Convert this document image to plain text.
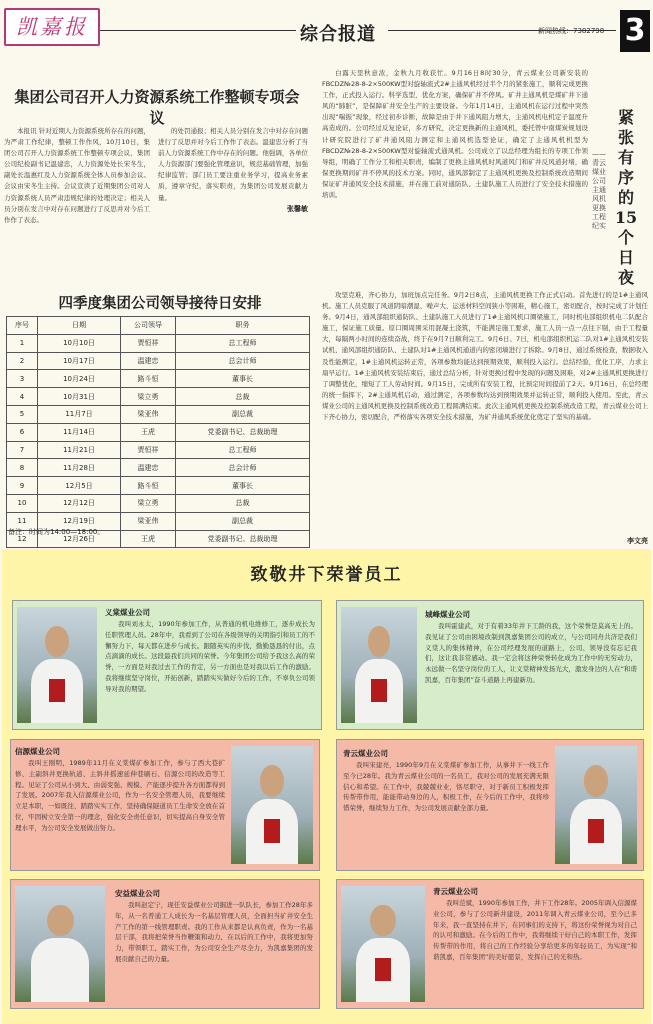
凯嘉报	综合报道	新闻热线：7382798 3
集团公司召开人力资源系统工作整顿专项会议

本报讯 针对近期人力资源系统所存在的问题，为严肃工作纪律，整顿工作作风，10月10日，集团公司召开人力资源系统工作整顿专项会议，集团公司纪检副书记温建忠，人力资源处处长宋冬生，副处长温惠红及人力资源系统全体人员参加会议。会议由宋冬生主持。会议宣读了近期集团公司对人力资源系统人员严肃违规纪律的处理决定；相关人员分别在发言中对存在问题进行了反思并对今后工作作了表态。

的处罚通报；相关人员分别在发言中对存在问题进行了反思并对今后工作作了表态。温建忠分析了当前人力资源系统工作中存在的问题。他强调，各单位人力资源部门要强化管理意识，规范基础管理，加强纪律监管；部门员工要注重业务学习，提高业务素质，遵章守纪，落实职责，为集团公司发展贡献力量。

张馨敏
四季度集团公司领导接待日安排
序号	日期	公司领导	职务
1	10月10日	贾恒祥	总工程师
2	10月17日	温建忠	总会计师
3	10月24日	路斗恒	董事长
4	10月31日	梁立勇	总裁
5	11月7日	梁亚伟	副总裁
6	11月14日	王虎	党委副书记、总裁助理
7	11月21日	贾恒祥	总工程师
8	11月28日	温建忠	总会计师
9	12月5日	路斗恒	董事长
10	12月12日	梁立勇	总裁
11	12月19日	梁亚伟	副总裁
12	12月26日	王虎	党委副书记、总裁助理
备注：时间为14:00—18:00。

白露天里秋意浓，金秋九月收获忙。9月16日8时30分，青云煤业公司新安装的FBCDZ№28-8-2×500KW型对旋轴流式2#主通风机经过半个月的紧张施工，顺利完成更换工作，正式投入运行。科学选型，优化方案，确保矿井不停风。矿井主通风机是煤矿井下通风的“肺脏”，是保障矿井安全生产的主要设备。今年1月14日，主通风机在运行过程中突然出现“喘振”现象，经过初步诊断，故障是由于井下通风阻力增大，主通风机电机定子温度升高造成的。公司经过反复论证，多方研究，决定更换新的主通风机，委托曾中南煤炭规划设计研究院进行了矿井通风阻力测定和主通风机选型论证，确定了主通风机机型为FBCDZ№28-8-2×500KW型对旋轴流式通风机。公司成立了以总经理为组长的专项工作领导组，明确了工作分工和相关职责，编制了更换主通风机时风道风门和矿井反风道封堵，确保更换期间矿井不停风的技术方案。同时，通风部制定了主通风机更换及控制系统改造期间保证矿井通风安全技术措施，并在施工前对通防队、土建队施工人员进行了安全技术措施的培训。

攻坚克难，齐心协力，加班加点完任务。9月2日8点，主通风机更换工作正式启动。首先进行的是1#主通风机。施工人员克服了风道阴暗潮湿、噪声大、运送材料空间狭小等困难，精心施工，密切配合，按时完成了计划任务。9月4日，通风部组织通防队、土建队施工人员进行了1#主通风机口圈梁施工，同时机电部组织机电二队配合施工，保证施工质量。原口圈周围采用混凝土浇筑，不能满足施工要求，施工人员一点一点往下剔，由于工程量大，每隔两小时间的连续奋战，终于在9月7日顺利完工。9月6日、7日，机电部组织机运二队对1#主通风机安装试机，通风部组织通防队、土建队对1#主通风机通道内的密闭墙进行了拆除。9月8日，通过系统检查，数据收入及性能测定，1#主通风机运转正常，各项参数均能达到预期效果，顺利投入运行。总结经验，优化工序，力求主扇早运行。1#主通风机安装结束后，通过总结分析，针对更换过程中发现的问题及困难，对2#主通风机更换进行了调整优化，缩短了工人劳动时间。9月15日，完成所有安装工程，比预定时间提前了2天。9月16日，在总经理的统一指挥下，2#主通风机启动，通过测定，各项参数均达到预期效果并运转正常，顺利投入使用。至此，青云煤业公司的主通风机更换及控制系统改造工程圆满结束。此次主通风机更换及控制系统改造工程，青云煤业公司上下齐心协力，密切配合，严格落实各项安全技术措施，为矿井通风系统优化奠定了坚实的基础。

李文亮
紧张有序的15个日夜
——青云煤业公司主通风机更换工程纪实
致敬井下荣誉员工
义棠煤业公司

我叫刘永太，1990年参加工作，从普通的机电维修工，逐步成长为任职管理人员。28年中，我看到了公司在各级领导的关明指引和员工的不懈努力下，每天都在进步与成长。跟随英实的步伐，勤勤恳恳的付出，点点滴滴的成长。这段最我们共同的荣誉。今年集团公司给予我这么高的荣誉，一方面是对我过去工作的肯定，另一方面也是对我以后工作的激励。我将继续坚守岗位，开拓创新，踏踏实实做好今后的工作，不辜负公司领导对我的期望。

城峰煤业公司

我叫霍建武，对于有着33年井下工龄的我，这个荣誉是莫高无上的。我见证了公司由困境改制到凯嘉集团公司的成立，与公司同舟共济是我们义棠人的集体精神，在公司经理发展的道路上，公司、领导没有忘记我们，这让我非常感动。我一定会将这种荣誉转化成为工作中的无穷动力，永远做一名坚守岗位的工人，让义棠精神发扬光大，激发身边的人在“和谐凯嘉，百年集团”奋斗道路上再建新功。

信源煤业公司

我叫王刚明，1989年11月在义棠煤矿参加工作，参与了西大巷扩修、主副斜井更换轨道、主斜井摇速延伸巷刷石、信源公司的改造等工程。见证了公司从小到大、由弱变强、规模、产能逐步提升各方面都得到了发展。2007年我入信源煤业公司，作为一名安全管理人员，我要继续立足本职，一如既往，踏踏实实工作，坚持确保隧道员工生命安全放在首位，牢固树立安全第一的理念，强化安全责任意识，切实提高自身安全管理水平，为公司安全发展做出努力。

青云煤业公司

我叫宋建亮，1990年9月在义棠煤矿参加工作，从事井下一线工作至今已28年。我为青云煤业公司的一名员工，我对公司的发展充满无限信心和希望。在工作中，我兢兢业业，恪尽职守，对于新员工积极发挥传帮带作用，能能带动身边的人，积极工作，在今后的工作中，我将珍惜荣誉，继续努力工作，为公司发展贡献全部力量。

安益煤业公司

我叫赵定宁，现任安益煤业公司掘进一队队长，参加工作28年多年，从一名普通工人成长为一名基层管理人员，全面担当矿井安全生产工作的第一线管理职责。我的工作从来都是认真负责，作为一名基层干部，我将把荣誉当作鞭策和动力，在以后的工作中，我将更加努力，带领职工，踏实工作，为公司安全生产尽全力，为凯嘉集团的发展贡献自己的力量。

青云煤业公司

我叫范斌，1990年参加工作，井下工作28年。2005年调入信源煤业公司，参与了公司新井建设，2011年调入青云煤业公司，至今已多年来，我一直坚持在井下，在同事们的支持下，将这份荣誉视为对自己的认可和激励。在今后的工作中，我将继续干好自己的本职工作，发挥传帮带的作用，将自己的工作经验分享给更多的年轻员工，为实现“和谐凯嘉，百年集团”的美好愿景，发挥自己的光和热。
